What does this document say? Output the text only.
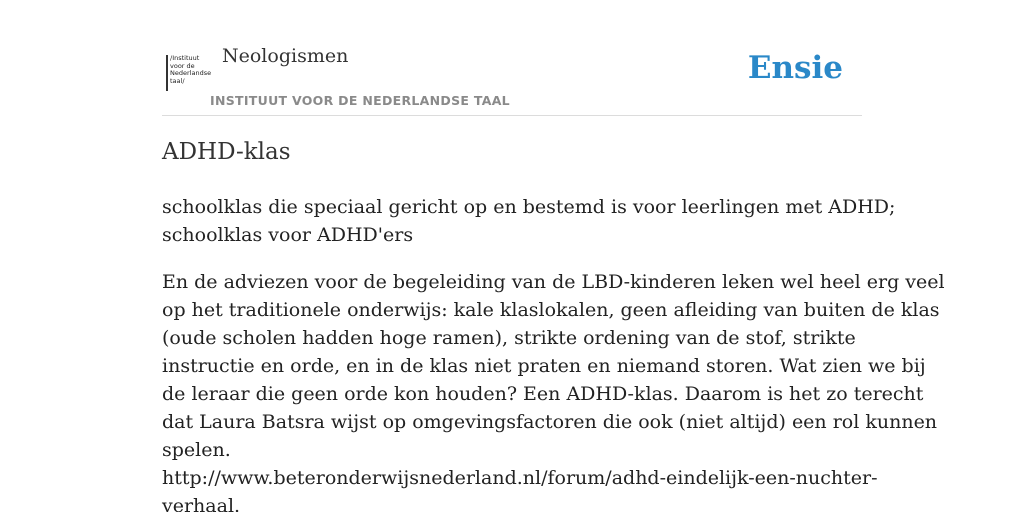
/Instituut
voor de
Nederlandse
taal/
Neologismen
INSTITUUT VOOR DE NEDERLANDSE TAAL
Ensie
ADHD-klas

schoolklas die speciaal gericht op en bestemd is voor leerlingen met ADHD;
schoolklas voor ADHD'ers

En de adviezen voor de begeleiding van de LBD-kinderen leken wel heel erg veel
op het traditionele onderwijs: kale klaslokalen, geen afleiding van buiten de klas
(oude scholen hadden hoge ramen), strikte ordening van de stof, strikte
instructie en orde, en in de klas niet praten en niemand storen. Wat zien we bij
de leraar die geen orde kon houden? Een ADHD-klas. Daarom is het zo terecht
dat Laura Batsra wijst op omgevingsfactoren die ook (niet altijd) een rol kunnen
spelen.
http://www.beteronderwijsnederland.nl/forum/adhd-eindelijk-een-nuchter-
verhaal.
